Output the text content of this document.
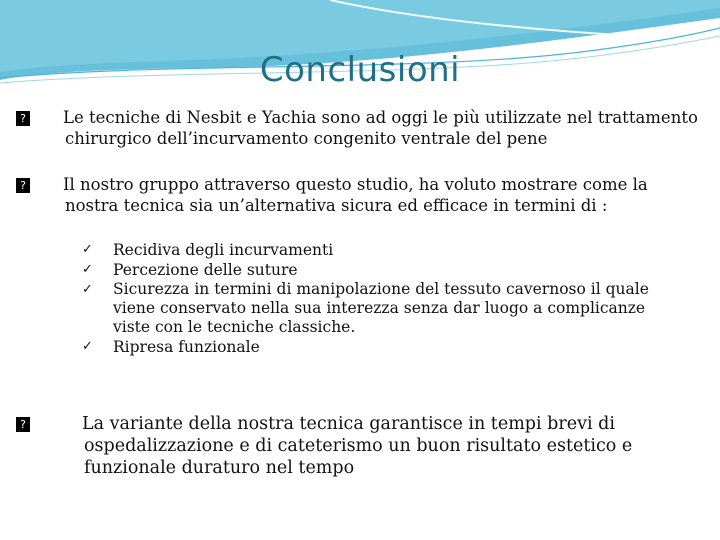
Conclusioni
?	Le tecniche di Nesbit e Yachia sono ad oggi le più utilizzate nel trattamento chirurgico dell’incurvamento congenito ventrale del pene
?	Il nostro gruppo attraverso questo studio, ha voluto mostrare come la nostra tecnica sia un’alternativa sicura ed efficace in termini di :
✓ Recidiva degli incurvamenti
✓ Percezione delle suture
✓ Sicurezza in termini di manipolazione del tessuto cavernoso il quale viene conservato nella sua interezza senza dar luogo a complicanze viste con le tecniche classiche.
✓ Ripresa funzionale
?	La variante della nostra tecnica garantisce in tempi brevi di ospedalizzazione e di cateterismo un buon risultato estetico e funzionale duraturo nel tempo
